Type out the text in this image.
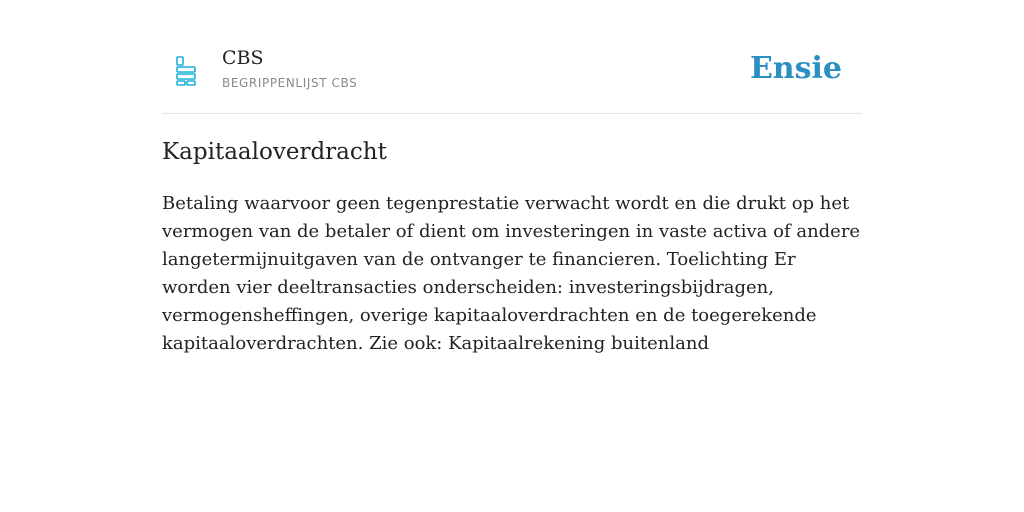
CBS
BEGRIPPENLIJST CBS	Ensie
Kapitaaloverdracht

Betaling waarvoor geen tegenprestatie verwacht wordt en die drukt op het vermogen van de betaler of dient om investeringen in vaste activa of andere langetermijnuitgaven van de ontvanger te financieren. Toelichting Er worden vier deeltransacties onderscheiden: investeringsbijdragen, vermogensheffingen, overige kapitaaloverdrachten en de toegerekende kapitaaloverdrachten. Zie ook: Kapitaalrekening buitenland
